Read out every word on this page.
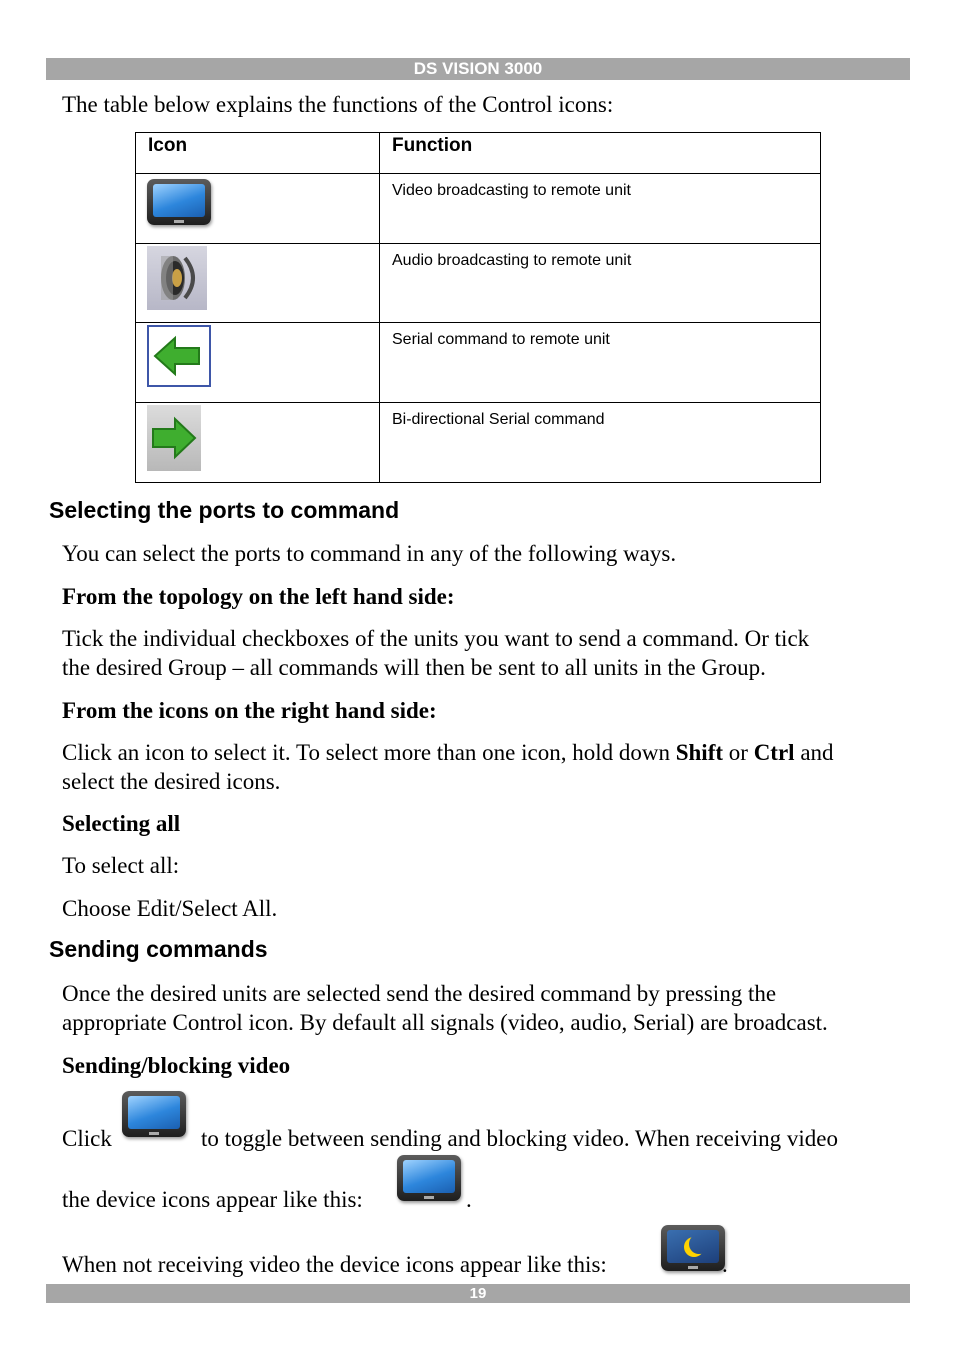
DS VISION 3000
The table below explains the functions of the Control icons:
Icon	Function

	Video broadcasting to remote unit
	Audio broadcasting to remote unit
	Serial command to remote unit
	Bi-directional Serial command
Selecting the ports to command
You can select the ports to command in any of the following ways.
From the topology on the left hand side:
Tick the individual checkboxes of the units you want to send a command. Or tick
the desired Group – all commands will then be sent to all units in the Group.
From the icons on the right hand side:
Click an icon to select it. To select more than one icon, hold down Shift or Ctrl and
select the desired icons.
Selecting all
To select all:
Choose Edit/Select All.
Sending commands
Once the desired units are selected send the desired command by pressing the
appropriate Control icon. By default all signals (video, audio, Serial) are broadcast.
Sending/blocking video
Click	to toggle between sending and blocking video. When receiving video
the device icons appear like this:	.
When not receiving video the device icons appear like this:	.
19
